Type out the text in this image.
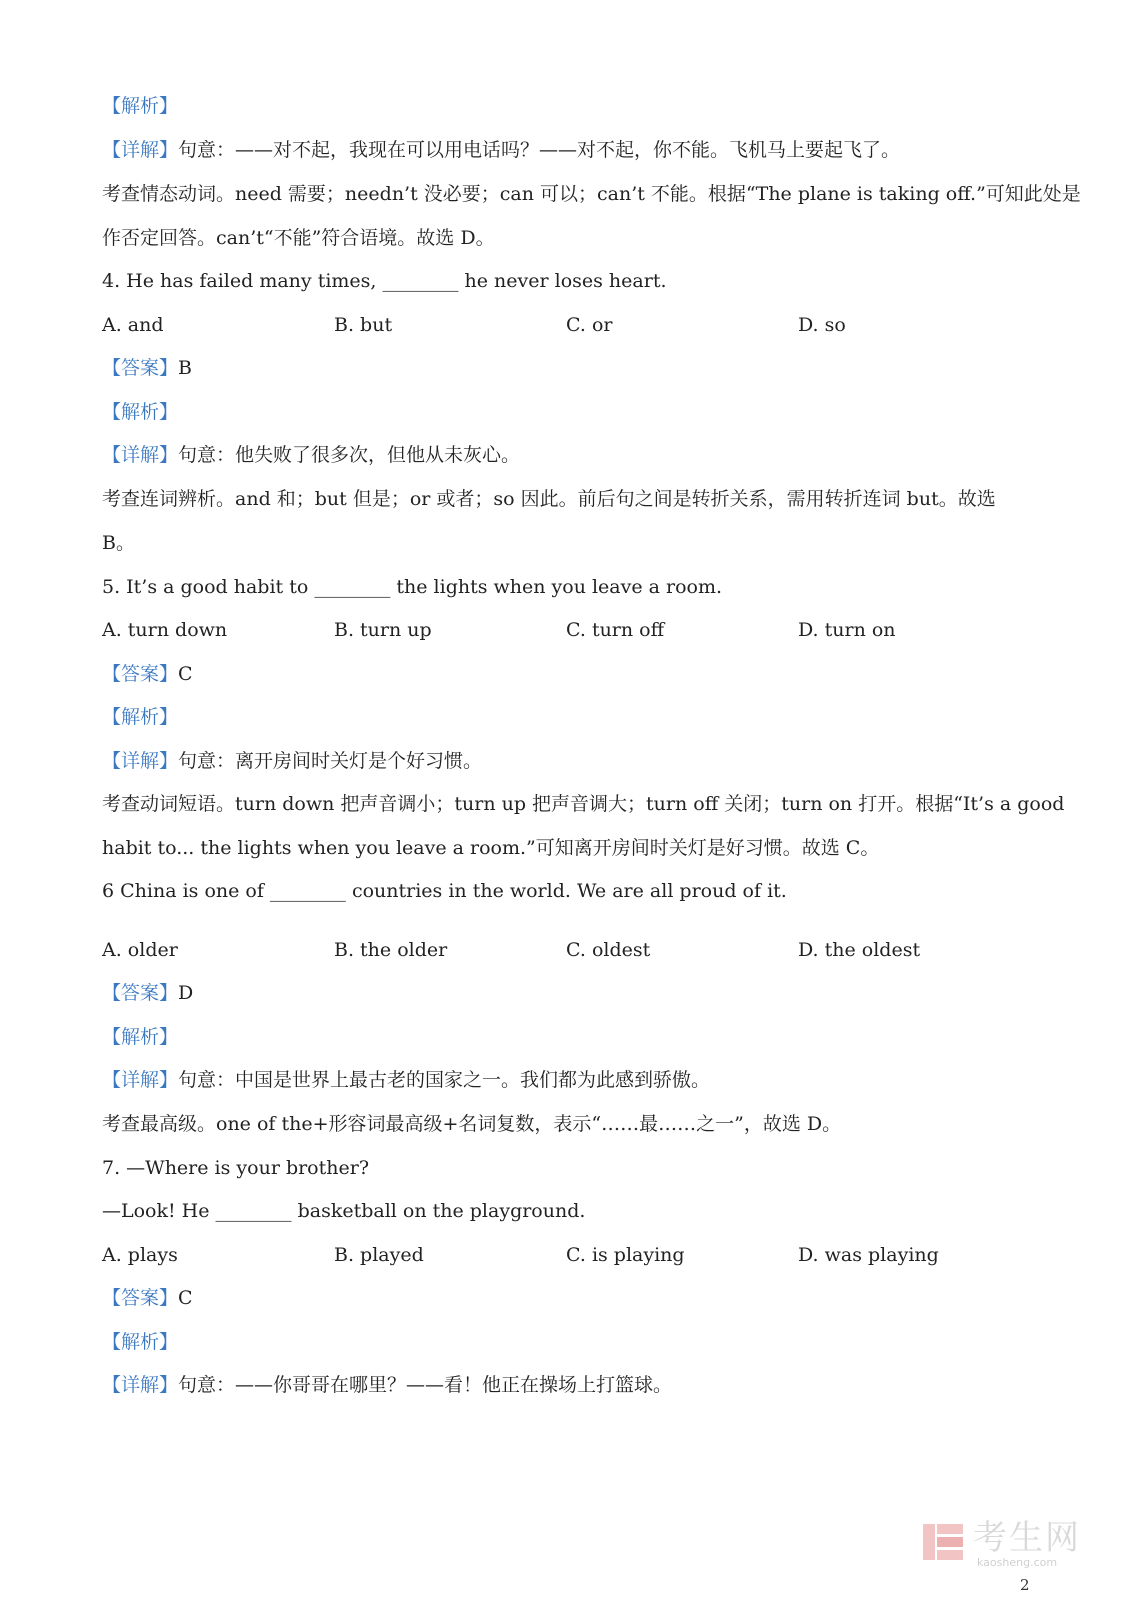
【解析】
【详解】句意：——对不起，我现在可以用电话吗？——对不起，你不能。飞机马上要起飞了。
考查情态动词。need 需要；needn’t 没必要；can 可以；can’t 不能。根据“The plane is taking off.”可知此处是
作否定回答。can’t“不能”符合语境。故选 D。
4. He has failed many times, ________ he never loses heart.
A. and	B. but	C. or	D. so
【答案】B
【解析】
【详解】句意：他失败了很多次，但他从未灰心。
考查连词辨析。and 和；but 但是；or 或者；so 因此。前后句之间是转折关系，需用转折连词 but。故选
B。
5. It’s a good habit to ________ the lights when you leave a room.
A. turn down	B. turn up	C. turn off	D. turn on
【答案】C
【解析】
【详解】句意：离开房间时关灯是个好习惯。
考查动词短语。turn down 把声音调小；turn up 把声音调大；turn off 关闭；turn on 打开。根据“It’s a good
habit to... the lights when you leave a room.”可知离开房间时关灯是好习惯。故选 C。
6 China is one of ________ countries in the world. We are all proud of it.
A. older	B. the older	C. oldest	D. the oldest
【答案】D
【解析】
【详解】句意：中国是世界上最古老的国家之一。我们都为此感到骄傲。
考查最高级。one of the+形容词最高级+名词复数，表示“……最……之一”，故选 D。
7. —Where is your brother?
—Look! He ________ basketball on the playground.
A. plays	B. played	C. is playing	D. was playing
【答案】C
【解析】
【详解】句意：——你哥哥在哪里？——看！他正在操场上打篮球。
考生网
kaosheng.com
2
